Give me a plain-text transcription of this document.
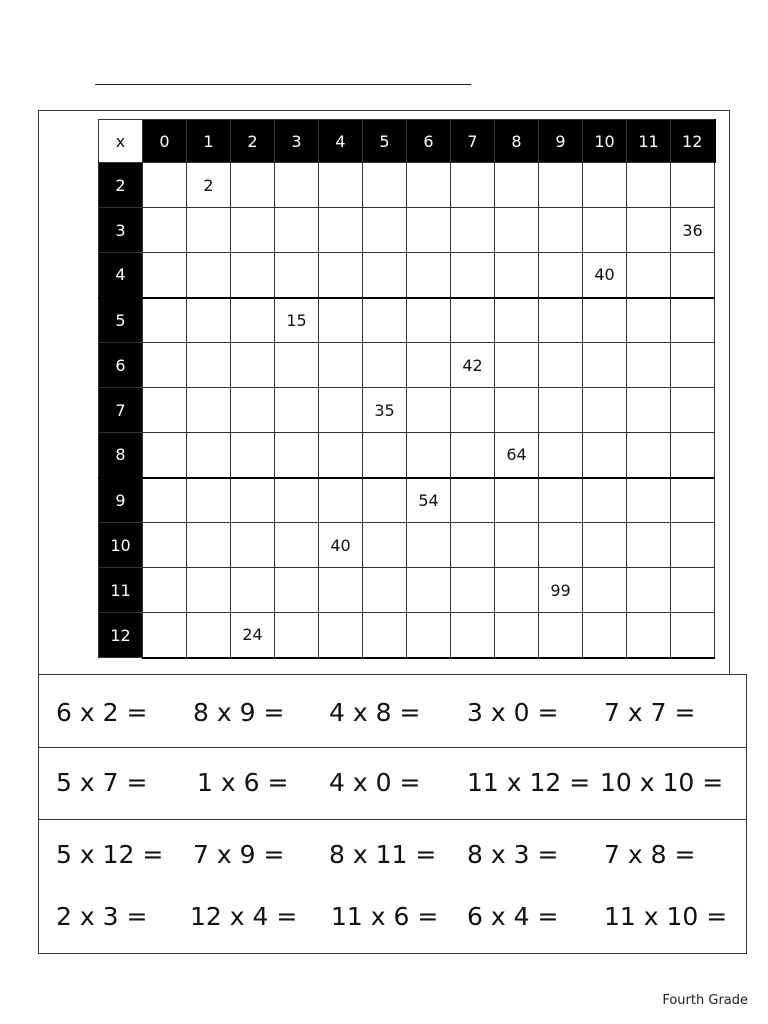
x	0	1	2	3	4	5	6	7	8	9	10	11	12
2		2											
3													36
4											40		
5				15									
6								42					
7						35							
8									64				
9							54						
10					40								
11										99			
12			24										
6 x 2 = 8 x 9 = 4 x 8 = 3 x 0 = 7 x 7 =
5 x 7 = 1 x 6 = 4 x 0 = 11 x 12 = 10 x 10 =
5 x 12 = 7 x 9 = 8 x 11 = 8 x 3 = 7 x 8 =
2 x 3 = 12 x 4 = 11 x 6 = 6 x 4 = 11 x 10 =
Fourth Grade
